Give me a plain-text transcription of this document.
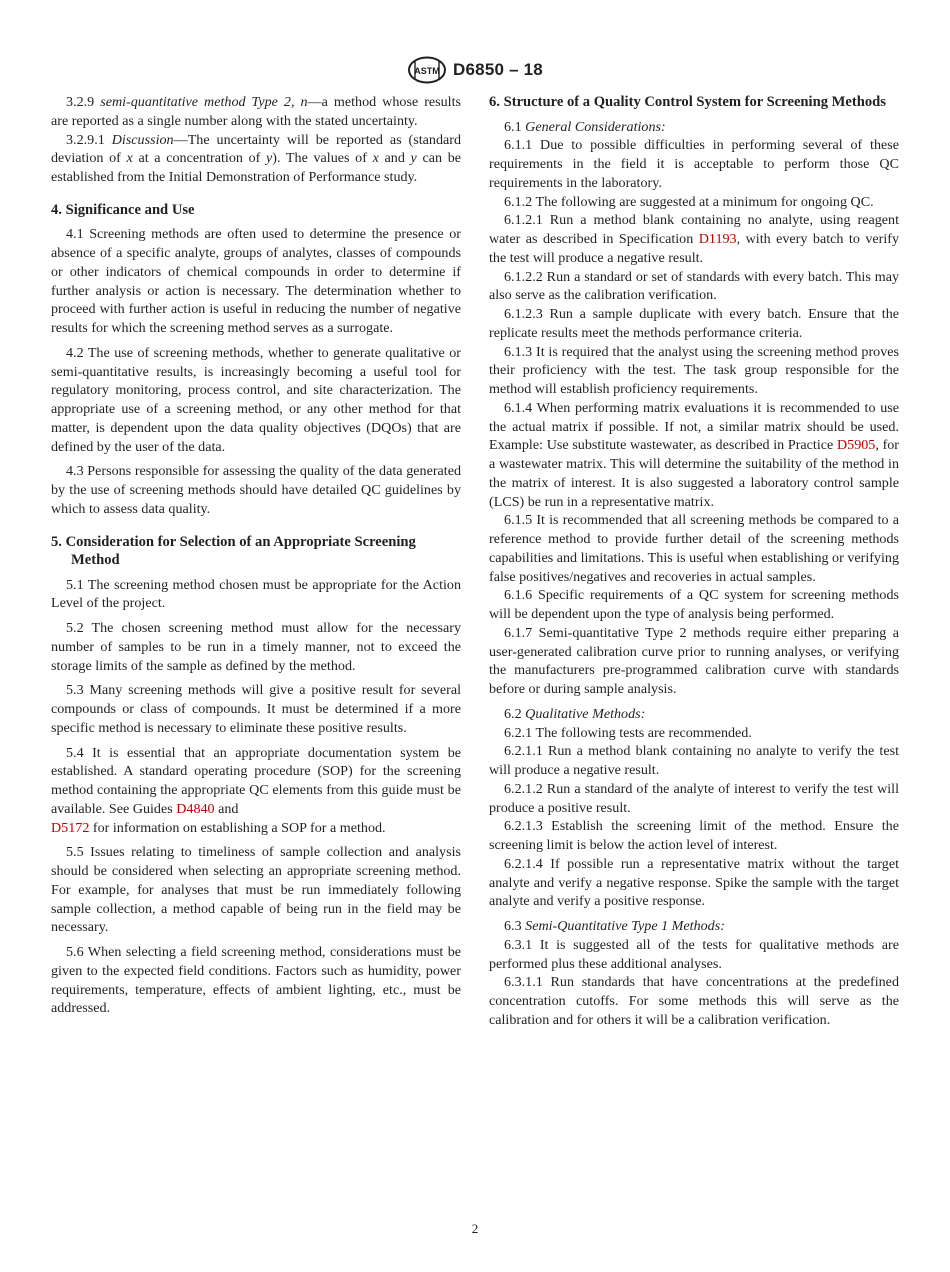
ASTM D6850 – 18

3.2.9 semi-quantitative method Type 2, n—a method whose results are reported as a single number along with the stated uncertainty.

3.2.9.1 Discussion—The uncertainty will be reported as (standard deviation of x at a concentration of y). The values of x and y can be established from the Initial Demonstration of Performance study.

4. Significance and Use

4.1 Screening methods are often used to determine the presence or absence of a specific analyte, groups of analytes, classes of compounds or other indicators of chemical compounds in order to determine if further analysis or action is necessary. The determination whether to proceed with further action is useful in reducing the number of negative results for which the screening method serves as a surrogate.

4.2 The use of screening methods, whether to generate qualitative or semi-quantitative results, is increasingly becoming a useful tool for regulatory monitoring, process control, and site characterization. The appropriate use of a screening method, or any other method for that matter, is dependent upon the data quality objectives (DQOs) that are defined by the user of the data.

4.3 Persons responsible for assessing the quality of the data generated by the use of screening methods should have detailed QC guidelines by which to assess data quality.

5. Consideration for Selection of an Appropriate Screening Method

5.1 The screening method chosen must be appropriate for the Action Level of the project.

5.2 The chosen screening method must allow for the necessary number of samples to be run in a timely manner, not to exceed the storage limits of the sample as defined by the method.

5.3 Many screening methods will give a positive result for several compounds or class of compounds. It must be determined if a more specific method is necessary to eliminate these positive results.

5.4 It is essential that an appropriate documentation system be established. A standard operating procedure (SOP) for the screening method containing the appropriate QC elements from this guide must be available. See Guides D4840 and
D5172 for information on establishing a SOP for a method.

5.5 Issues relating to timeliness of sample collection and analysis should be considered when selecting an appropriate screening method. For example, for analyses that must be run immediately following sample collection, a method capable of being run in the field may be necessary.

5.6 When selecting a field screening method, considerations must be given to the expected field conditions. Factors such as humidity, power requirements, temperature, effects of ambient lighting, etc., must be addressed.

6. Structure of a Quality Control System for Screening Methods

6.1 General Considerations:

6.1.1 Due to possible difficulties in performing several of these requirements in the field it is acceptable to perform those QC requirements in the laboratory.

6.1.2 The following are suggested at a minimum for ongoing QC.

6.1.2.1 Run a method blank containing no analyte, using reagent water as described in Specification D1193, with every batch to verify the test will produce a negative result.

6.1.2.2 Run a standard or set of standards with every batch. This may also serve as the calibration verification.

6.1.2.3 Run a sample duplicate with every batch. Ensure that the replicate results meet the methods performance criteria.

6.1.3 It is required that the analyst using the screening method proves their proficiency with the test. The task group responsible for the method will establish proficiency requirements.

6.1.4 When performing matrix evaluations it is recommended to use the actual matrix if possible. If not, a similar matrix should be used. Example: Use substitute wastewater, as described in Practice D5905, for a wastewater matrix. This will determine the suitability of the method in the matrix of interest. It is also suggested a laboratory control sample (LCS) be run in a representative matrix.

6.1.5 It is recommended that all screening methods be compared to a reference method to provide further detail of the screening methods capabilities and limitations. This is useful when establishing or verifying false positives/negatives and recoveries in actual samples.

6.1.6 Specific requirements of a QC system for screening methods will be dependent upon the type of analysis being performed.

6.1.7 Semi-quantitative Type 2 methods require either preparing a user-generated calibration curve prior to running analyses, or verifying the manufacturers pre-programmed calibration curve with standards before or during sample analysis.

6.2 Qualitative Methods:

6.2.1 The following tests are recommended.

6.2.1.1 Run a method blank containing no analyte to verify the test will produce a negative result.

6.2.1.2 Run a standard of the analyte of interest to verify the test will produce a positive result.

6.2.1.3 Establish the screening limit of the method. Ensure the screening limit is below the action level of interest.

6.2.1.4 If possible run a representative matrix without the target analyte and verify a negative response. Spike the sample with the target analyte and verify a positive response.

6.3 Semi-Quantitative Type 1 Methods:

6.3.1 It is suggested all of the tests for qualitative methods are performed plus these additional analyses.

6.3.1.1 Run standards that have concentrations at the predefined concentration cutoffs. For some methods this will serve as the calibration and for others it will be a calibration verification.

2
